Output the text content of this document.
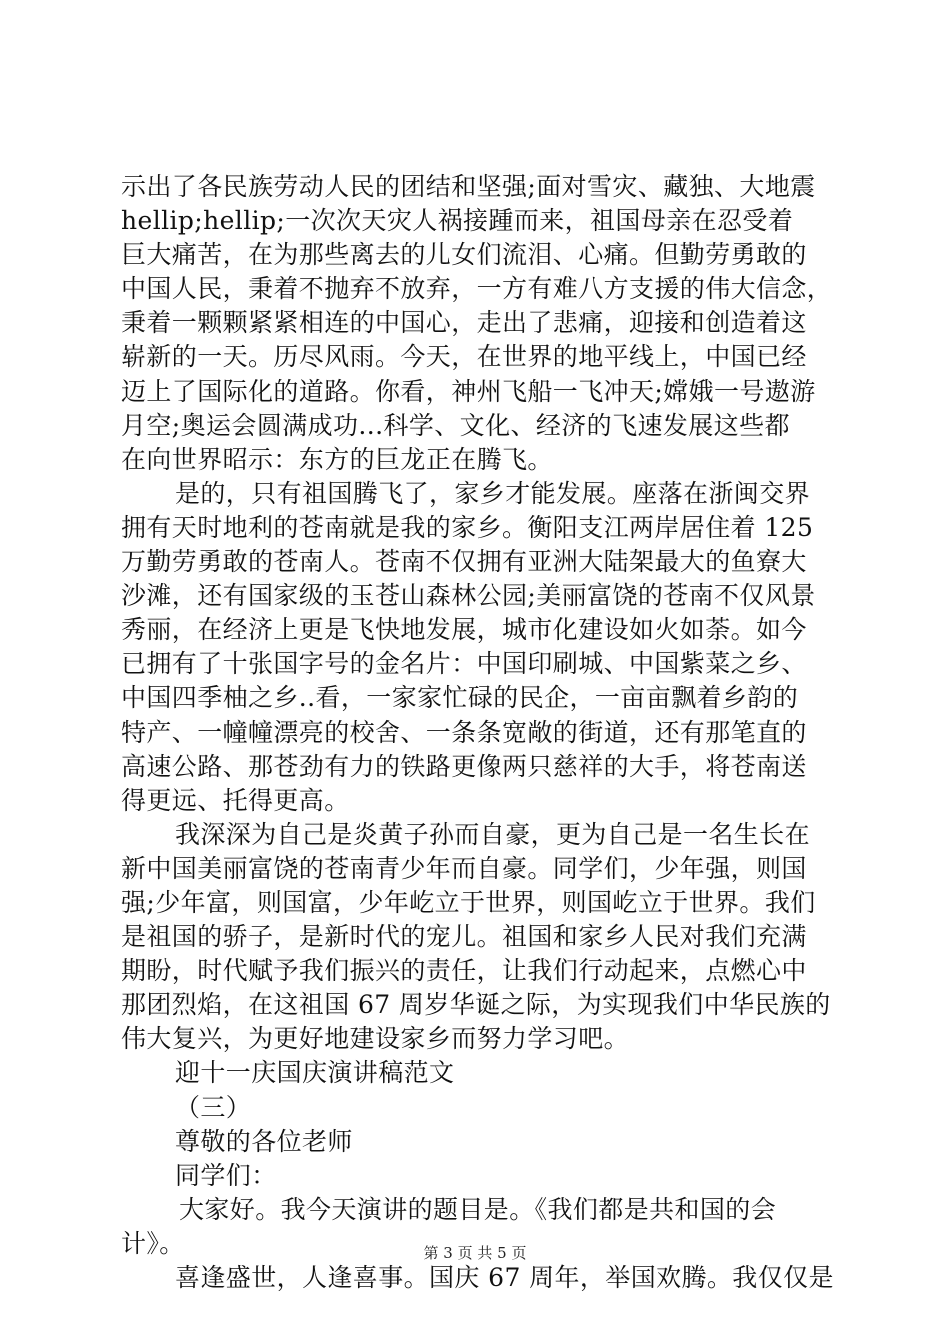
示出了各民族劳动人民的团结和坚强;面对雪灾、藏独、大地震
hellip;hellip;一次次天灾人祸接踵而来，祖国母亲在忍受着
巨大痛苦，在为那些离去的儿女们流泪、心痛。但勤劳勇敢的
中国人民，秉着不抛弃不放弃，一方有难八方支援的伟大信念，
秉着一颗颗紧紧相连的中国心，走出了悲痛，迎接和创造着这
崭新的一天。历尽风雨。今天，在世界的地平线上，中国已经
迈上了国际化的道路。你看，神州飞船一飞冲天;嫦娥一号遨游
月空;奥运会圆满成功...科学、文化、经济的飞速发展这些都
在向世界昭示：东方的巨龙正在腾飞。
是的，只有祖国腾飞了，家乡才能发展。座落在浙闽交界
拥有天时地利的苍南就是我的家乡。衡阳支江两岸居住着 125
万勤劳勇敢的苍南人。苍南不仅拥有亚洲大陆架最大的鱼寮大
沙滩，还有国家级的玉苍山森林公园;美丽富饶的苍南不仅风景
秀丽，在经济上更是飞快地发展，城市化建设如火如荼。如今
已拥有了十张国字号的金名片：中国印刷城、中国紫菜之乡、
中国四季柚之乡..看，一家家忙碌的民企，一亩亩飘着乡韵的
特产、一幢幢漂亮的校舍、一条条宽敞的街道，还有那笔直的
高速公路、那苍劲有力的铁路更像两只慈祥的大手，将苍南送
得更远、托得更高。
我深深为自己是炎黄子孙而自豪，更为自己是一名生长在
新中国美丽富饶的苍南青少年而自豪。同学们，少年强，则国
强;少年富，则国富，少年屹立于世界，则国屹立于世界。我们
是祖国的骄子，是新时代的宠儿。祖国和家乡人民对我们充满
期盼，时代赋予我们振兴的责任，让我们行动起来，点燃心中
那团烈焰，在这祖国 67 周岁华诞之际，为实现我们中华民族的
伟大复兴，为更好地建设家乡而努力学习吧。
迎十一庆国庆演讲稿范文
（三）
尊敬的各位老师
同学们：
大家好。我今天演讲的题目是。《我们都是共和国的会
计》。
喜逢盛世，人逢喜事。国庆 67 周年，举国欢腾。我仅仅是
第 3 页 共 5 页
